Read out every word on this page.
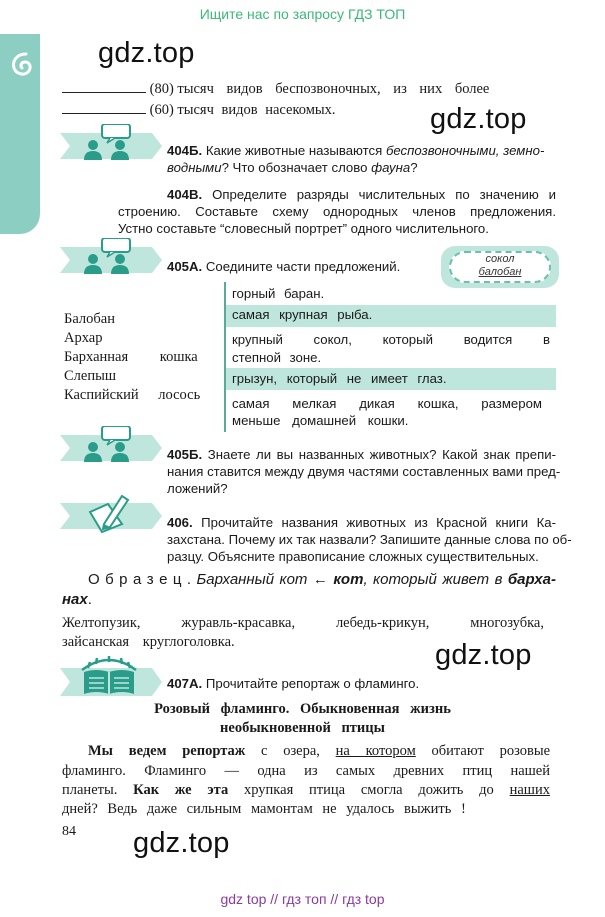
Ищите нас по запросу ГДЗ ТОП
gdz.top
gdz.top
gdz.top
gdz.top
(80) тысяч видов беспозвоночных, из них более
(60) тысяч видов насекомых.
404Б. Какие животные называются беспозвоночными, земно-
водными? Что обозначает слово фауна?
404В. Определите разряды числительных по значению и
строению. Составьте схему однородных членов предложения.
Устно составьте “словесный портрет” одного числительного.
405А. Соедините части предложений.	сокол
балобан
Балобан
Архар
Барханная кошка
Слепыш
Каспийский лосось
горный баран.
самая крупная рыба.
крупный сокол, который водится в
степной зоне.
грызун, который не имеет глаз.
самая мелкая дикая кошка, размером
меньше домашней кошки.
405Б. Знаете ли вы названных животных? Какой знак препи-
нания ставится между двумя частями составленных вами пред-
ложений?
406. Прочитайте названия животных из Красной книги Ка-
захстана. Почему их так назвали? Запишите данные слова по об-
разцу. Объясните правописание сложных существительных.
О б р а з е ц . Барханный кот ← кот, который живет в бархa-
нах.
Желтопузик, журавль-красавка, лебедь-крикун, многозубка,
зайсанская круглоголовка.
407А. Прочитайте репортаж о фламинго.
Розовый фламинго. Обыкновенная жизнь
необыкновенной птицы
Мы ведем репортаж с озера, на котором обитают розовые
фламинго. Фламинго — одна из самых древних птиц нашей
планеты. Как же эта хрупкая птица смогла дожить до наших
дней? Ведь даже сильным мамонтам не удалось выжить !
84
gdz top // гдз топ // гдз top
